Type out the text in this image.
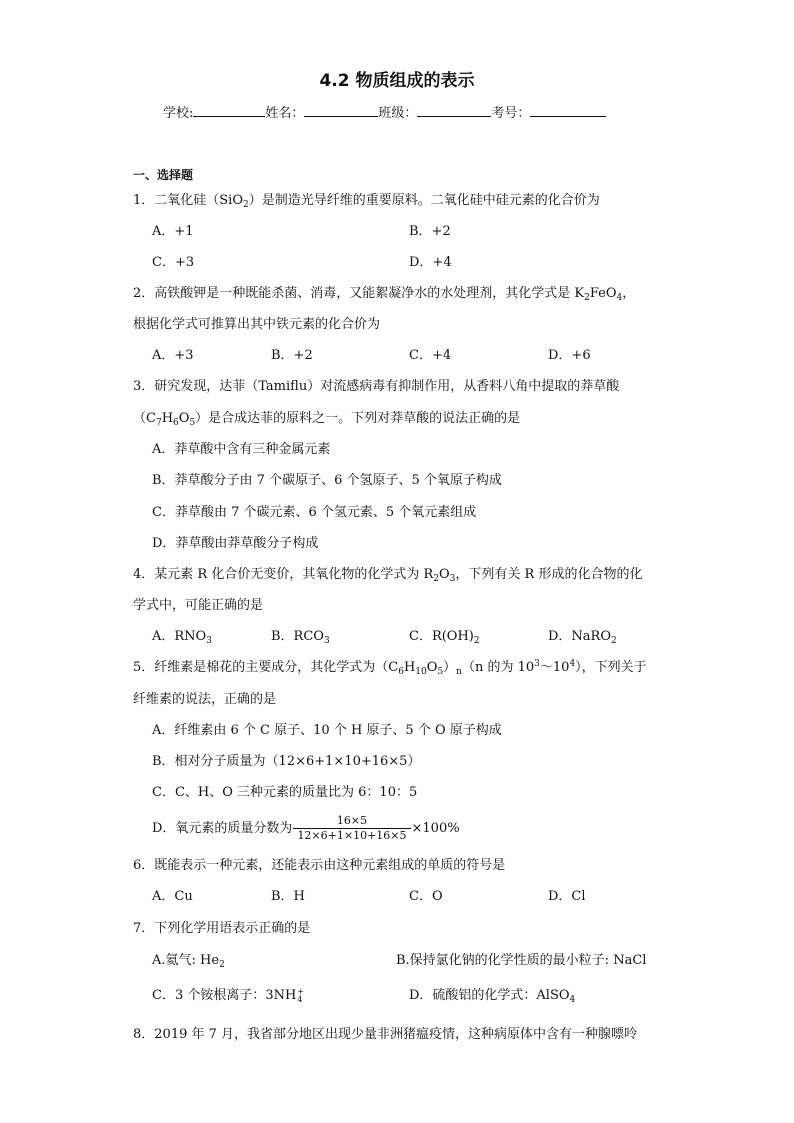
4.2 物质组成的表示
学校:	姓名：	班级：	考号：
一、选择题
1．二氧化硅（SiO$_2$）是制造光导纤维的重要原料。二氧化硅中硅元素的化合价为
A．+1	B．+2
C．+3	D．+4
2．高铁酸钾是一种既能杀菌、消毒，又能絮凝净水的水处理剂，其化学式是 $K_2FeO_4$，
根据化学式可推算出其中铁元素的化合价为
A．+3	B．+2	C．+4	D．+6
3．研究发现，达菲（Tamiflu）对流感病毒有抑制作用，从香料八角中提取的莽草酸
$(C_7H_6O_5)$是合成达菲的原料之一。下列对莽草酸的说法正确的是
A．莽草酸中含有三种金属元素
B．莽草酸分子由 7 个碳原子、6 个氢原子、5 个氧原子构成
C．莽草酸由 7 个碳元素、6 个氢元素、5 个氧元素组成
D．莽草酸由莽草酸分子构成
4．某元素 R 化合价无变价，其氧化物的化学式为 $R_2O_3$，下列有关 R 形成的化合物的化
学式中，可能正确的是
A．$RNO_3$	B．$RCO_3$	C．$R(OH)_2$	D．NaRO$_2$
5．纤维素是棉花的主要成分，其化学式为$(C_6H_{10}O_5)_n(n$ 的为 $10^3\sim 10^4$），下列关于
纤维素的说法，正确的是
A．纤维素由 6 个 C 原子、10 个 H 原子、5 个 O 原子构成
B．相对分子质量为（12×6+1×10+16×5）
C．C、H、O 三种元素的质量比为 6：10：5
D．氧元素的质量分数为 $\frac{16\times 5}{12\times 6+1\times 10+16\times 5} \times 100\%$
6．既能表示一种元素，还能表示由这种元素组成的单质的符号是
A．Cu	B．H	C．O	D．Cl
7．下列化学用语表示正确的是
A.氦气: $He_2$	B.保持氯化钠的化学性质的最小粒子: NaCl
C．3 个铵根离子：3NH +
4	D．硫酸铝的化学式：AlSO$_4$
8．2019 年 7 月，我省部分地区出现少量非洲猪瘟疫情，这种病原体中含有一种腺嘌呤
